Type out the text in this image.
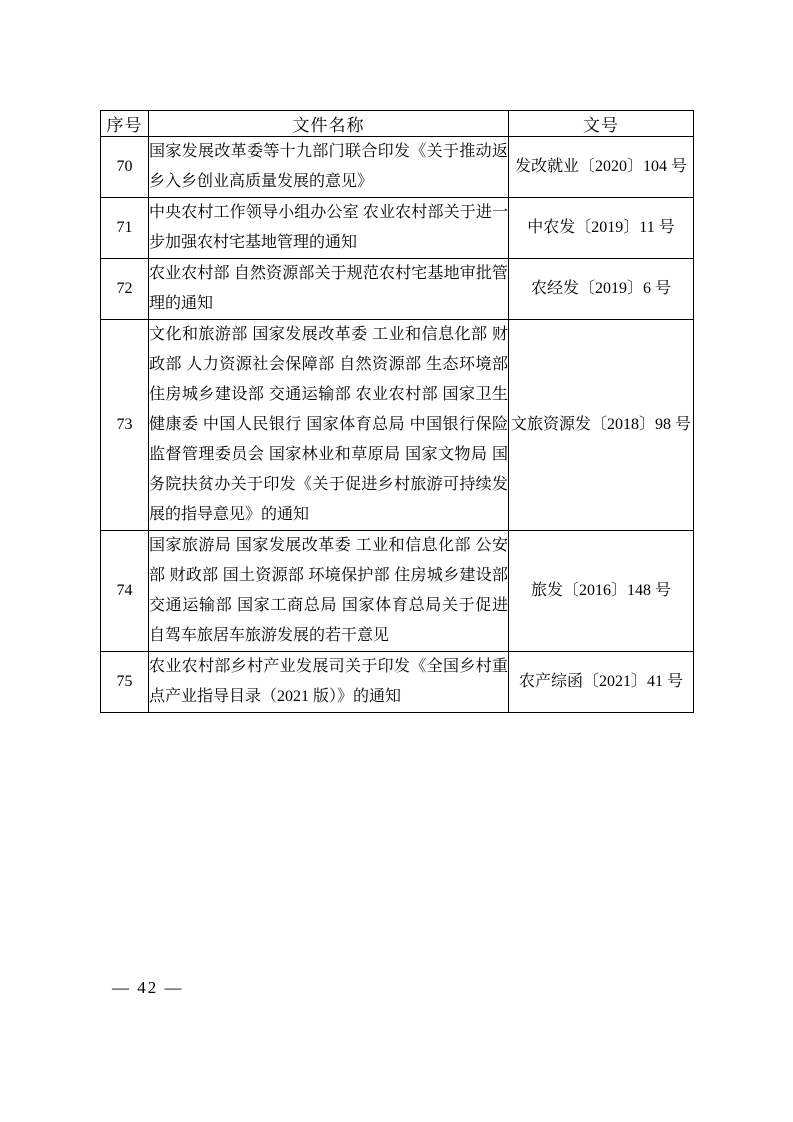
序号	文件名称	文号
70	国家发展改革委等十九部门联合印发《关于推动返乡入乡创业高质量发展的意见》	发改就业〔2020〕104 号
71	中央农村工作领导小组办公室 农业农村部关于进一步加强农村宅基地管理的通知	中农发〔2019〕11 号
72	农业农村部 自然资源部关于规范农村宅基地审批管理的通知	农经发〔2019〕6 号
73	文化和旅游部 国家发展改革委 工业和信息化部 财政部 人力资源社会保障部 自然资源部 生态环境部 住房城乡建设部 交通运输部 农业农村部 国家卫生健康委 中国人民银行 国家体育总局 中国银行保险监督管理委员会 国家林业和草原局 国家文物局 国务院扶贫办关于印发《关于促进乡村旅游可持续发展的指导意见》的通知	文旅资源发〔2018〕98 号
74	国家旅游局 国家发展改革委 工业和信息化部 公安部 财政部 国土资源部 环境保护部 住房城乡建设部 交通运输部 国家工商总局 国家体育总局关于促进自驾车旅居车旅游发展的若干意见	旅发〔2016〕148 号
75	农业农村部乡村产业发展司关于印发《全国乡村重点产业指导目录（2021 版）》的通知	农产综函〔2021〕41 号
— 42 —
